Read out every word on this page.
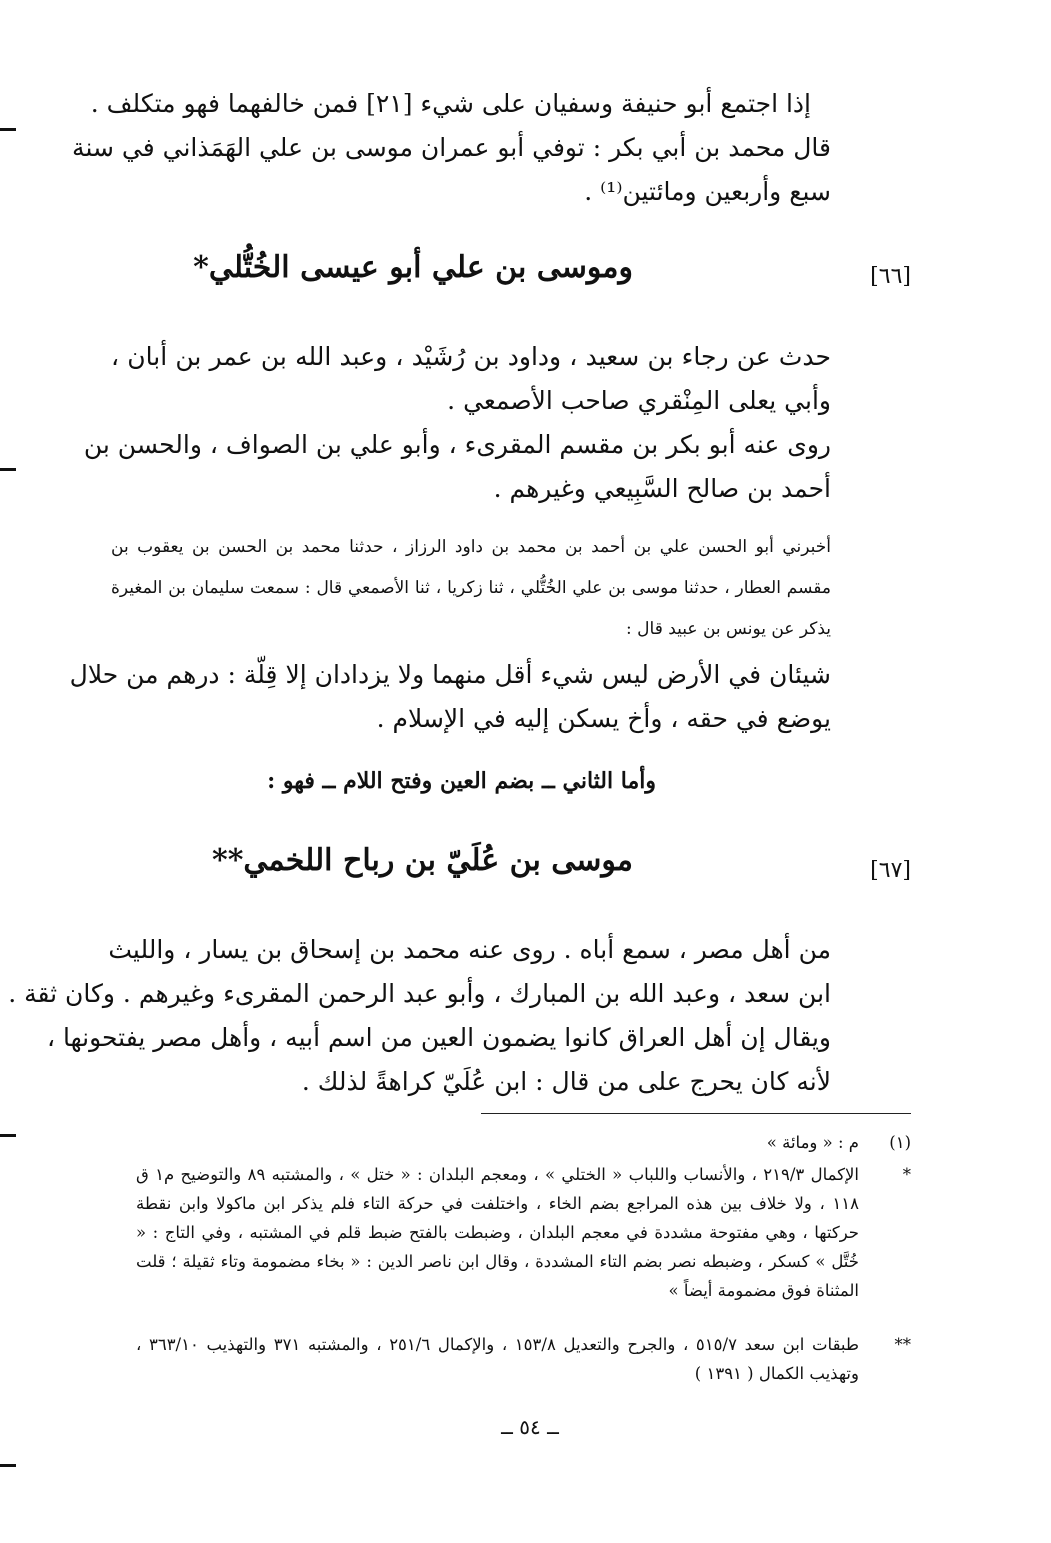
إذا اجتمع أبو حنيفة وسفيان على شيء [٢١] فمن خالفهما فهو متكلف .
قال محمد بن أبي بكر : توفي أبو عمران موسى بن علي الهَمَذاني في سنة
سبع وأربعين ومائتين⁽¹⁾ .
[٦٦]
وموسى بن علي أبو عيسى الخُتُّلي*
حدث عن رجاء بن سعيد ، وداود بن رُشَيْد ، وعبد الله بن عمر بن أبان ،
وأبي يعلى المِنْقري صاحب الأصمعي .
روى عنه أبو بكر بن مقسم المقرىء ، وأبو علي بن الصواف ، والحسن بن
أحمد بن صالح السَّبِيعي وغيرهم .
أخبرني أبو الحسن علي بن أحمد بن محمد بن داود الرزاز ، حدثنا محمد بن الحسن بن يعقوب بن
مقسم العطار ، حدثنا موسى بن علي الخُتُّلي ، ثنا زكريا ، ثنا الأصمعي قال : سمعت سليمان بن المغيرة
يذكر عن يونس بن عبيد قال :
شيئان في الأرض ليس شيء أقل منهما ولا يزدادان إلا قِلّة : درهم من حلال
يوضع في حقه ، وأخ يسكن إليه في الإسلام .
وأما الثاني ــ بضم العين وفتح اللام ــ فهو :
[٦٧]
موسى بن عُلَيّ بن رباح اللخمي**
من أهل مصر ، سمع أباه . روى عنه محمد بن إسحاق بن يسار ، والليث
ابن سعد ، وعبد الله بن المبارك ، وأبو عبد الرحمن المقرىء وغيرهم . وكان ثقة .
ويقال إن أهل العراق كانوا يضمون العين من اسم أبيه ، وأهل مصر يفتحونها ،
لأنه كان يحرج على من قال : ابن عُلَيّ كراهةً لذلك .
(١)
م : « ومائة »
*
الإكمال ٢١٩/٣ ، والأنساب واللباب « الختلي » ، ومعجم البلدان : « ختل » ، والمشتبه ٨٩ والتوضيح م١ ق ١١٨ ، ولا خلاف بين هذه المراجع بضم الخاء ، واختلفت في حركة التاء فلم يذكر ابن ماكولا وابن نقطة حركتها ، وهي مفتوحة مشددة في معجم البلدان ، وضبطت بالفتح ضبط قلم في المشتبه ، وفي التاج : « خُتَّل » كسكر ، وضبطه نصر بضم التاء المشددة ، وقال ابن ناصر الدين : « بخاء مضمومة وتاء ثقيلة ؛ قلت المثناة فوق مضمومة أيضاً »
**
طبقات ابن سعد ٥١٥/٧ ، والجرح والتعديل ١٥٣/٨ ، والإكمال ٢٥١/٦ ، والمشتبه ٣٧١ والتهذيب ٣٦٣/١٠ ، وتهذيب الكمال ( ١٣٩١ )
ــ ٥٤ ــ
